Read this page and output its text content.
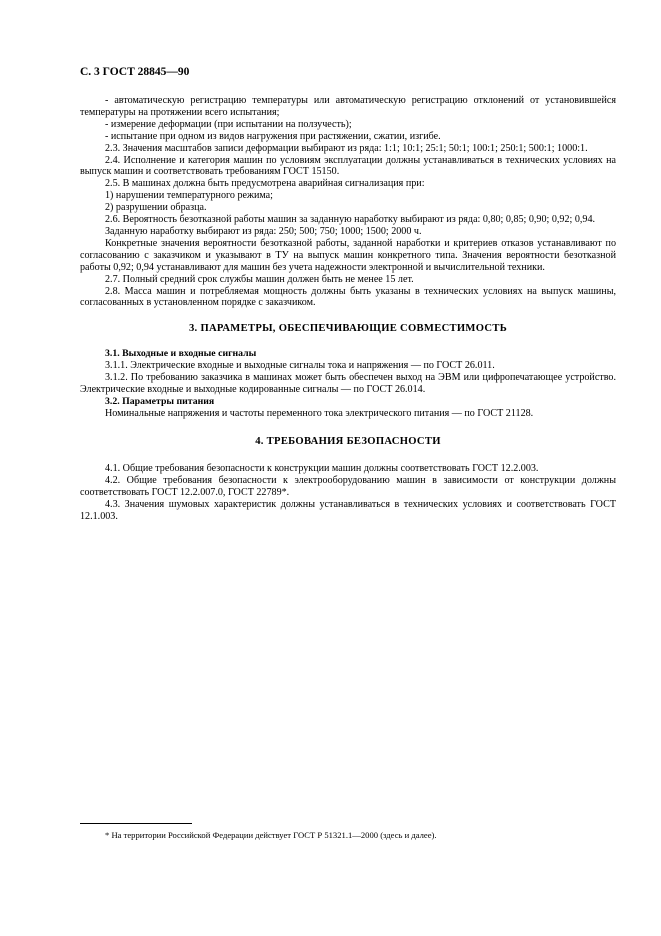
С. 3 ГОСТ 28845—90
- автоматическую регистрацию температуры или автоматическую регистрацию отклонений от установившейся температуры на протяжении всего испытания;
- измерение деформации (при испытании на ползучесть);
- испытание при одном из видов нагружения при растяжении, сжатии, изгибе.
2.3. Значения масштабов записи деформации выбирают из ряда: 1:1; 10:1; 25:1; 50:1; 100:1; 250:1; 500:1; 1000:1.
2.4. Исполнение и категория машин по условиям эксплуатации должны устанавливаться в технических условиях на выпуск машин и соответствовать требованиям ГОСТ 15150.
2.5. В машинах должна быть предусмотрена аварийная сигнализация при:
1) нарушении температурного режима;
2) разрушении образца.
2.6. Вероятность безотказной работы машин за заданную наработку выбирают из ряда: 0,80; 0,85; 0,90; 0,92; 0,94.
Заданную наработку выбирают из ряда: 250; 500; 750; 1000; 1500; 2000 ч.
Конкретные значения вероятности безотказной работы, заданной наработки и критериев отказов устанавливают по согласованию с заказчиком и указывают в ТУ на выпуск машин конкретного типа. Значения вероятности безотказной работы 0,92; 0,94 устанавливают для машин без учета надежности электронной и вычислительной техники.
2.7. Полный средний срок службы машин должен быть не менее 15 лет.
2.8. Масса машин и потребляемая мощность должны быть указаны в технических условиях на выпуск машины, согласованных в установленном порядке с заказчиком.
3. ПАРАМЕТРЫ, ОБЕСПЕЧИВАЮЩИЕ СОВМЕСТИМОСТЬ
3.1. Выходные и входные сигналы
3.1.1. Электрические входные и выходные сигналы тока и напряжения — по ГОСТ 26.011.
3.1.2. По требованию заказчика в машинах может быть обеспечен выход на ЭВМ или цифропечатающее устройство. Электрические входные и выходные кодированные сигналы — по ГОСТ 26.014.
3.2. Параметры питания
Номинальные напряжения и частоты переменного тока электрического питания — по ГОСТ 21128.
4. ТРЕБОВАНИЯ БЕЗОПАСНОСТИ
4.1. Общие требования безопасности к конструкции машин должны соответствовать ГОСТ 12.2.003.
4.2. Общие требования безопасности к электрооборудованию машин в зависимости от конструкции должны соответствовать ГОСТ 12.2.007.0, ГОСТ 22789*.
4.3. Значения шумовых характеристик должны устанавливаться в технических условиях и соответствовать ГОСТ 12.1.003.
* На территории Российской Федерации действует ГОСТ Р 51321.1—2000 (здесь и далее).
